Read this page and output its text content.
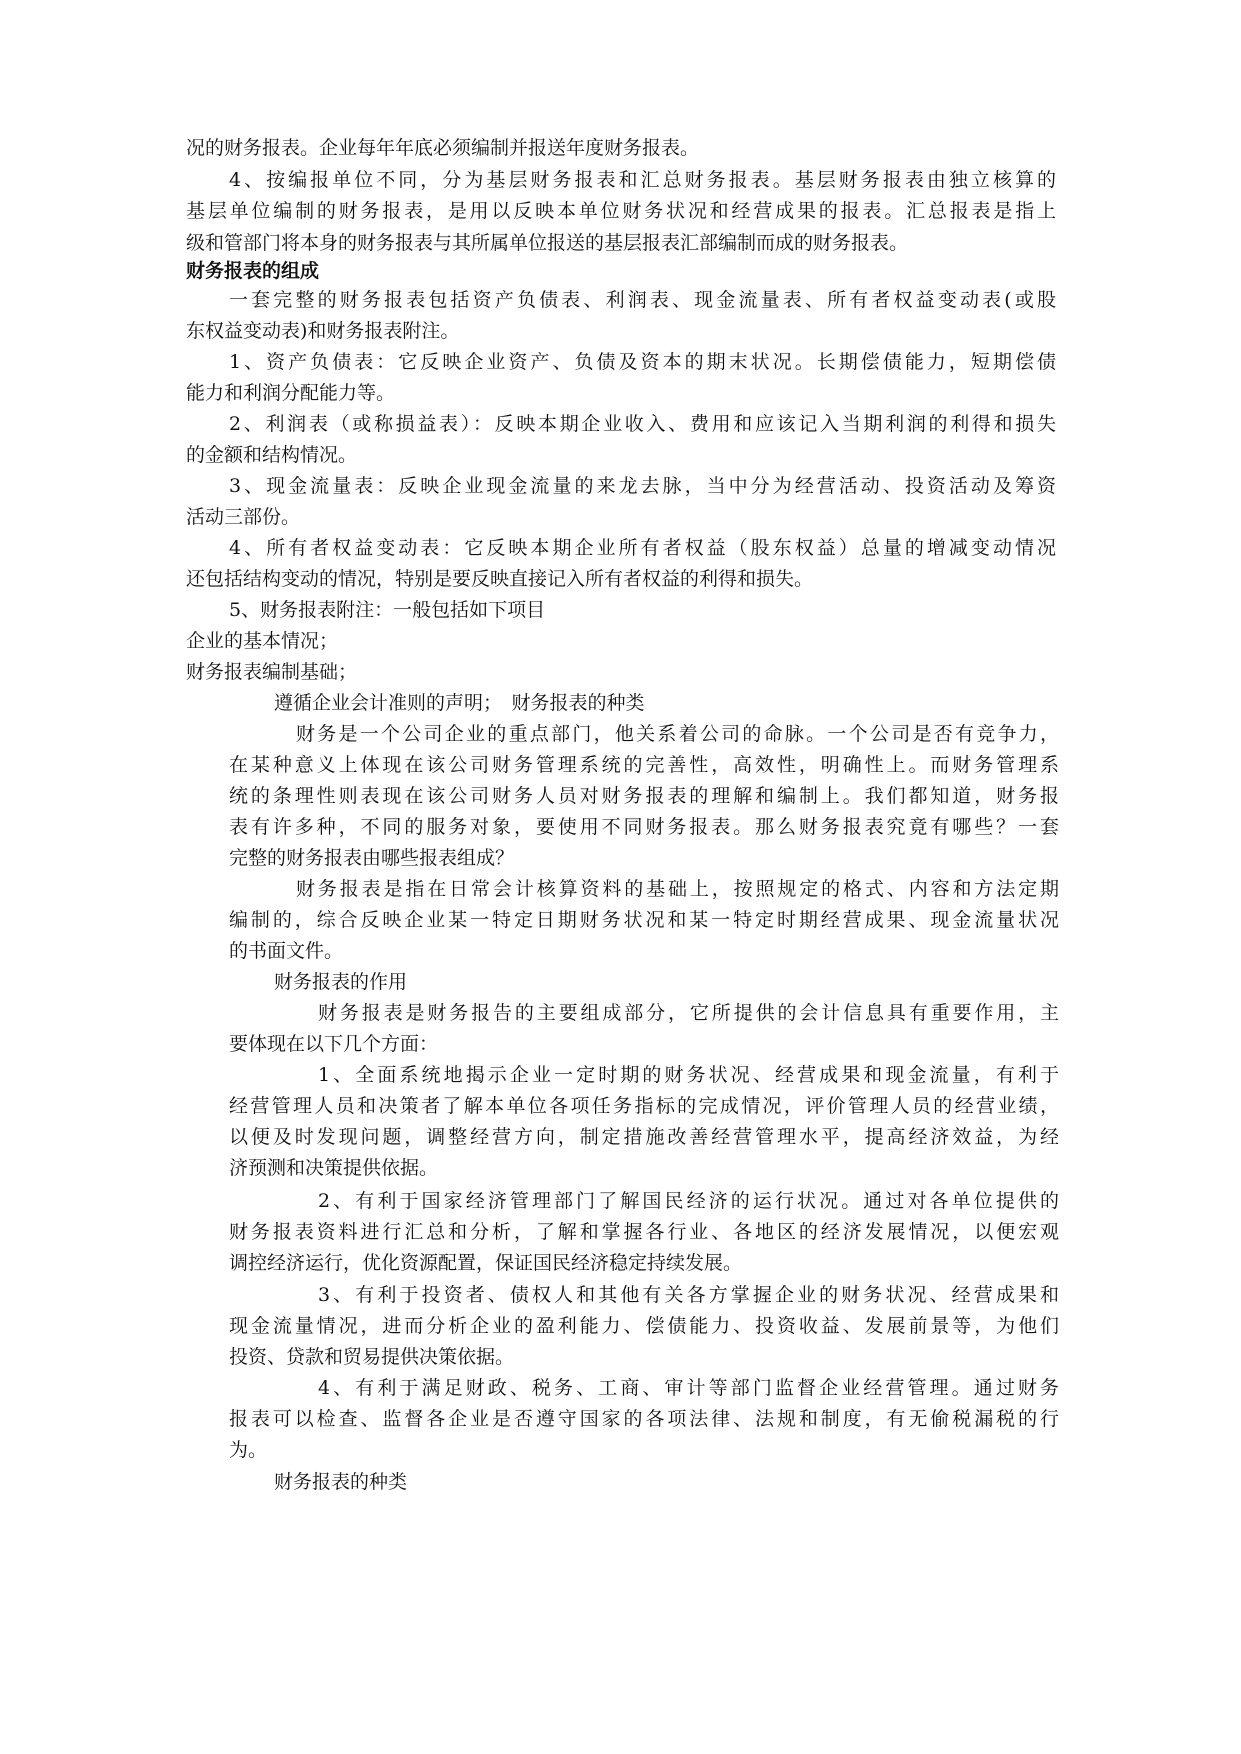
况的财务报表。企业每年年底必须编制并报送年度财务报表。

4、按编报单位不同，分为基层财务报表和汇总财务报表。基层财务报表由独立核算的

基层单位编制的财务报表，是用以反映本单位财务状况和经营成果的报表。汇总报表是指上

级和管部门将本身的财务报表与其所属单位报送的基层报表汇部编制而成的财务报表。

财务报表的组成

一套完整的财务报表包括资产负债表、利润表、现金流量表、所有者权益变动表(或股

东权益变动表)和财务报表附注。

1、资产负债表：它反映企业资产、负债及资本的期末状况。长期偿债能力，短期偿债

能力和利润分配能力等。

2、利润表（或称损益表）：反映本期企业收入、费用和应该记入当期利润的利得和损失

的金额和结构情况。

3、现金流量表：反映企业现金流量的来龙去脉，当中分为经营活动、投资活动及筹资

活动三部份。

4、所有者权益变动表：它反映本期企业所有者权益（股东权益）总量的增减变动情况

还包括结构变动的情况，特别是要反映直接记入所有者权益的利得和损失。

5、财务报表附注：一般包括如下项目

企业的基本情况；

财务报表编制基础；

遵循企业会计准则的声明；　财务报表的种类

财务是一个公司企业的重点部门，他关系着公司的命脉。一个公司是否有竞争力，

在某种意义上体现在该公司财务管理系统的完善性，高效性，明确性上。而财务管理系

统的条理性则表现在该公司财务人员对财务报表的理解和编制上。我们都知道，财务报

表有许多种，不同的服务对象，要使用不同财务报表。那么财务报表究竟有哪些？一套

完整的财务报表由哪些报表组成？

财务报表是指在日常会计核算资料的基础上，按照规定的格式、内容和方法定期

编制的，综合反映企业某一特定日期财务状况和某一特定时期经营成果、现金流量状况

的书面文件。

财务报表的作用

财务报表是财务报告的主要组成部分，它所提供的会计信息具有重要作用，主

要体现在以下几个方面：

1、全面系统地揭示企业一定时期的财务状况、经营成果和现金流量，有利于

经营管理人员和决策者了解本单位各项任务指标的完成情况，评价管理人员的经营业绩，

以便及时发现问题，调整经营方向，制定措施改善经营管理水平，提高经济效益，为经

济预测和决策提供依据。

2、有利于国家经济管理部门了解国民经济的运行状况。通过对各单位提供的

财务报表资料进行汇总和分析，了解和掌握各行业、各地区的经济发展情况，以便宏观

调控经济运行，优化资源配置，保证国民经济稳定持续发展。

3、有利于投资者、债权人和其他有关各方掌握企业的财务状况、经营成果和

现金流量情况，进而分析企业的盈利能力、偿债能力、投资收益、发展前景等，为他们

投资、贷款和贸易提供决策依据。

4、有利于满足财政、税务、工商、审计等部门监督企业经营管理。通过财务

报表可以检查、监督各企业是否遵守国家的各项法律、法规和制度，有无偷税漏税的行

为。

财务报表的种类
